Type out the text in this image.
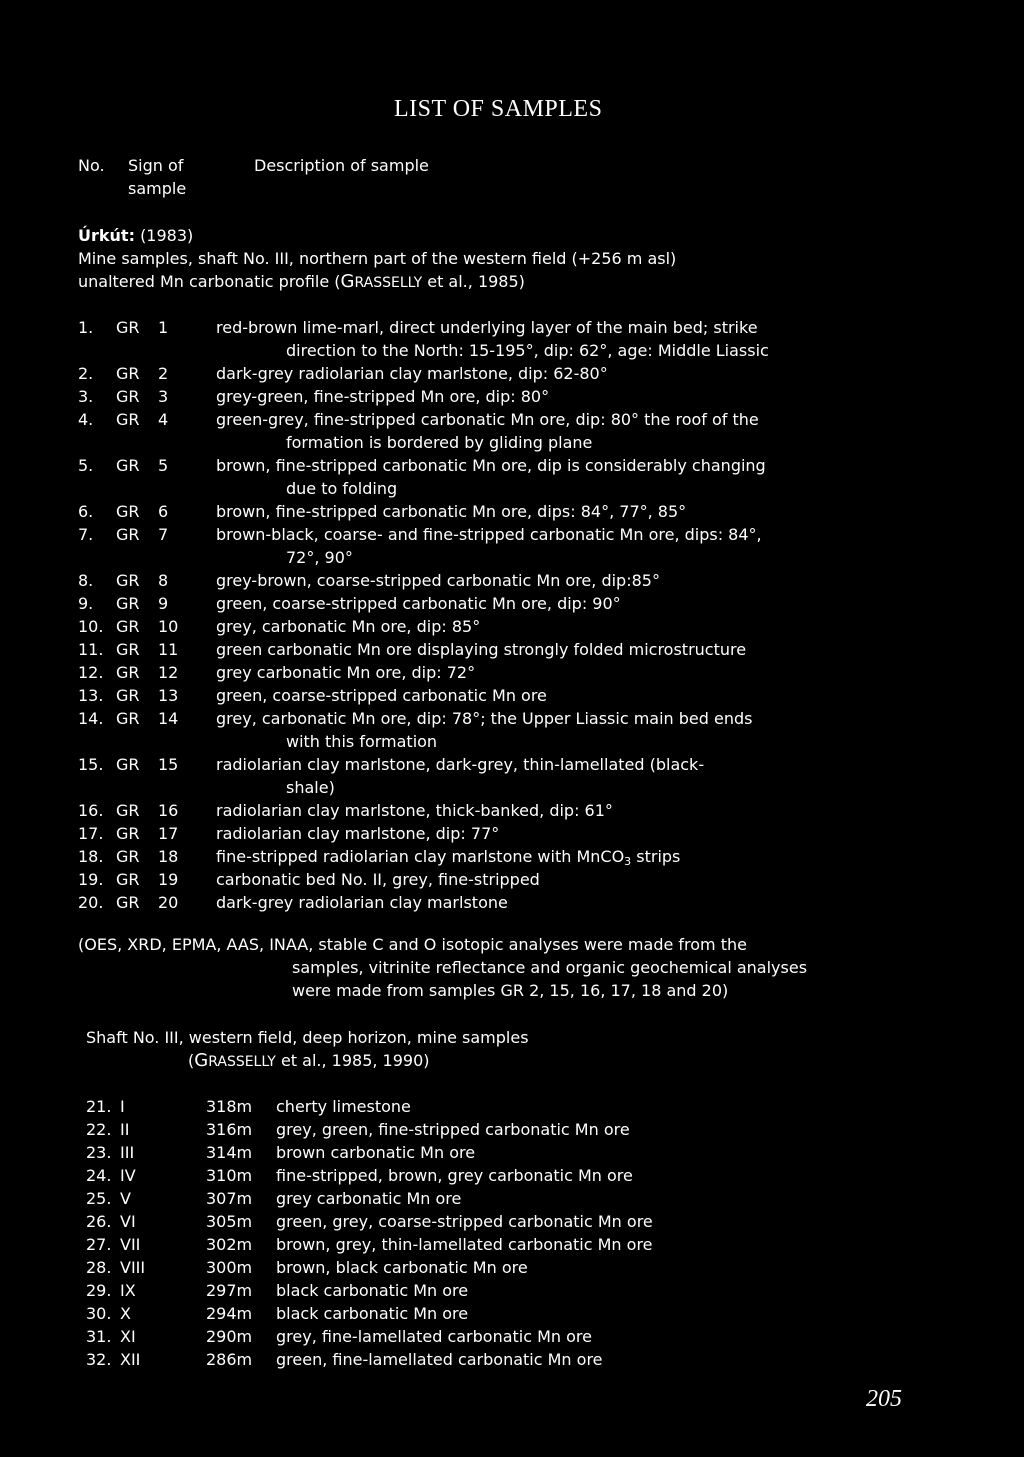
LIST OF SAMPLES
No. Sign of
sample
Description of sample
Úrkút: (1983)
Mine samples, shaft No. III, northern part of the western field (+256 m asl)
unaltered Mn carbonatic profile (GRASSELLY et al., 1985)
1. GR 1	red-brown lime-marl, direct underlying layer of the main bed; strike
direction to the North: 15-195°, dip: 62°, age: Middle Liassic
2. GR 2	dark-grey radiolarian clay marlstone, dip: 62-80°
3. GR 3	grey-green, fine-stripped Mn ore, dip: 80°
4. GR 4	green-grey, fine-stripped carbonatic Mn ore, dip: 80° the roof of the
formation is bordered by gliding plane
5. GR 5	brown, fine-stripped carbonatic Mn ore, dip is considerably changing
due to folding
6. GR 6	brown, fine-stripped carbonatic Mn ore, dips: 84°, 77°, 85°
7. GR 7	brown-black, coarse- and fine-stripped carbonatic Mn ore, dips: 84°,
72°, 90°
8. GR 8	grey-brown, coarse-stripped carbonatic Mn ore, dip:85°
9. GR 9	green, coarse-stripped carbonatic Mn ore, dip: 90°
10. GR 10 grey, carbonatic Mn ore, dip: 85°
11. GR 11 green carbonatic Mn ore displaying strongly folded microstructure
12. GR 12 grey carbonatic Mn ore, dip: 72°
13. GR 13 green, coarse-stripped carbonatic Mn ore
14. GR 14 grey, carbonatic Mn ore, dip: 78°; the Upper Liassic main bed ends
with this formation
15. GR 15 radiolarian clay marlstone, dark-grey, thin-lamellated (black-
shale)
16. GR 16 radiolarian clay marlstone, thick-banked, dip: 61°
17. GR 17 radiolarian clay marlstone, dip: 77°
18. GR 18 fine-stripped radiolarian clay marlstone with MnCO$_3$ strips
19. GR 19 carbonatic bed No. II, grey, fine-stripped
20. GR 20 dark-grey radiolarian clay marlstone
(OES, XRD, EPMA, AAS, INAA, stable C and O isotopic analyses were made from the
samples, vitrinite reflectance and organic geochemical analyses
were made from samples GR 2, 15, 16, 17, 18 and 20)
Shaft No. III, western field, deep horizon, mine samples
(GRASSELLY et al., 1985, 1990)
21. I	318m cherty limestone
22. II	316m grey, green, fine-stripped carbonatic Mn ore
23. III	314m brown carbonatic Mn ore
24. IV	310m fine-stripped, brown, grey carbonatic Mn ore
25. V	307m grey carbonatic Mn ore
26. VI	305m green, grey, coarse-stripped carbonatic Mn ore
27. VII	302m brown, grey, thin-lamellated carbonatic Mn ore
28. VIII	300m brown, black carbonatic Mn ore
29. IX	297m black carbonatic Mn ore
30. X	294m black carbonatic Mn ore
31. XI	290m grey, fine-lamellated carbonatic Mn ore
32. XII	286m green, fine-lamellated carbonatic Mn ore
205
